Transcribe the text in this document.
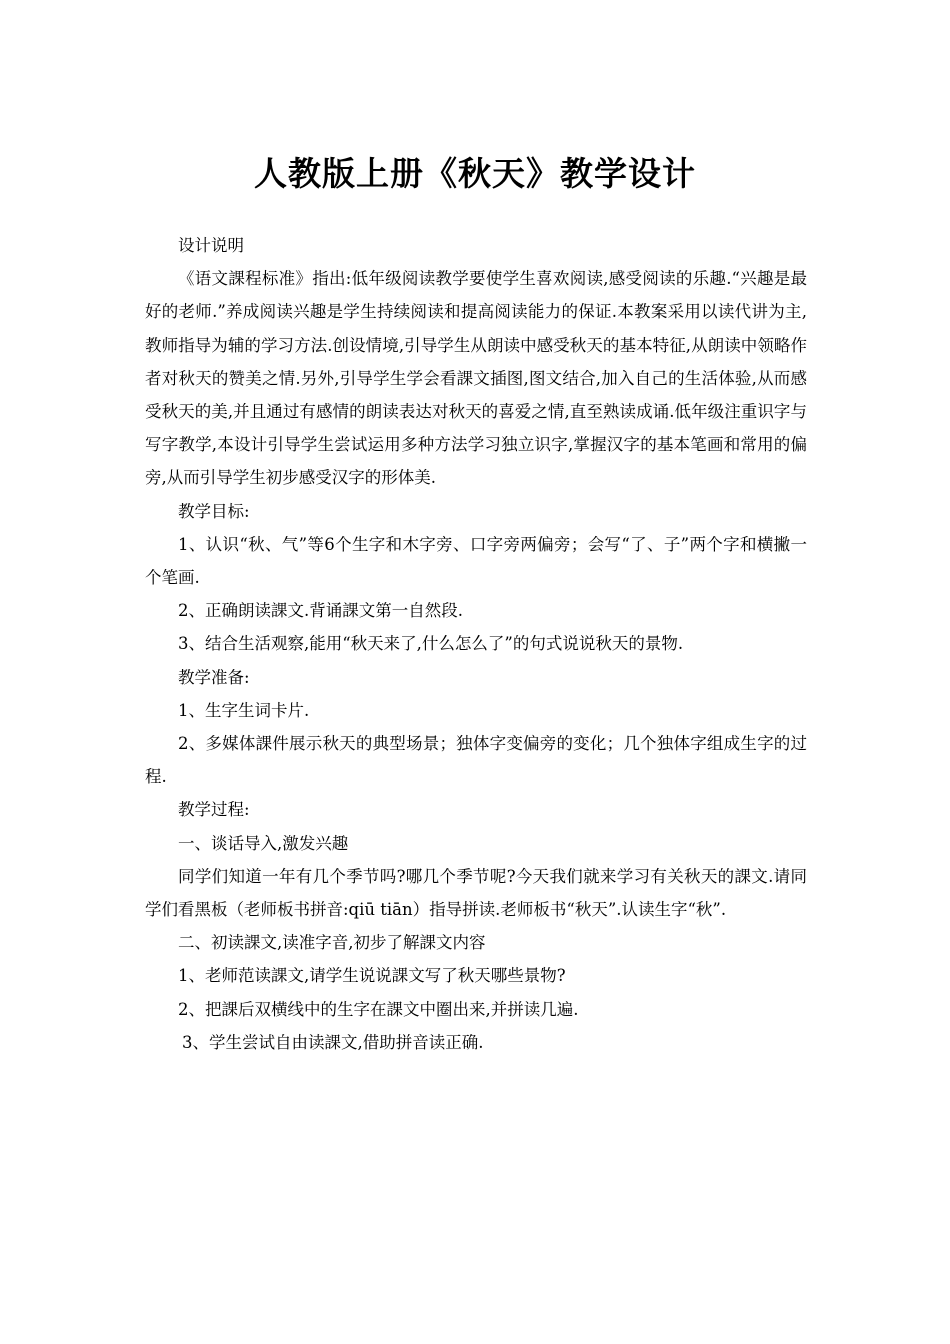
人教版上册《秋天》教学设计

设计说明

《语文課程标准》指出:低年级阅读教学要使学生喜欢阅读,感受阅读的乐趣.“兴趣是最好的老师.”养成阅读兴趣是学生持续阅读和提高阅读能力的保证.本教案采用以读代讲为主,教师指导为辅的学习方法.创设情境,引导学生从朗读中感受秋天的基本特征,从朗读中领略作者对秋天的赞美之情.另外,引导学生学会看課文插图,图文结合,加入自己的生活体验,从而感受秋天的美,并且通过有感情的朗读表达对秋天的喜爱之情,直至熟读成诵.低年级注重识字与写字教学,本设计引导学生尝试运用多种方法学习独立识字,掌握汉字的基本笔画和常用的偏旁,从而引导学生初步感受汉字的形体美.

教学目标:

1、认识“秋、气”等6个生字和木字旁、口字旁两偏旁；会写“了、子”两个字和横撇一个笔画.

2、正确朗读課文.背诵課文第一自然段.

3、结合生活观察,能用“秋天来了,什么怎么了”的句式说说秋天的景物.

教学准备:

1、生字生词卡片.

2、多媒体課件展示秋天的典型场景；独体字变偏旁的变化；几个独体字组成生字的过程.

教学过程:

一、谈话导入,激发兴趣

同学们知道一年有几个季节吗?哪几个季节呢?今天我们就来学习有关秋天的課文.请同学们看黑板（老师板书拼音:qiū tiān）指导拼读.老师板书“秋天”.认读生字“秋”.

二、初读課文,读准字音,初步了解課文内容

1、老师范读課文,请学生说说課文写了秋天哪些景物?

2、把課后双横线中的生字在課文中圈出来,并拼读几遍.

3、学生尝试自由读課文,借助拼音读正确.
